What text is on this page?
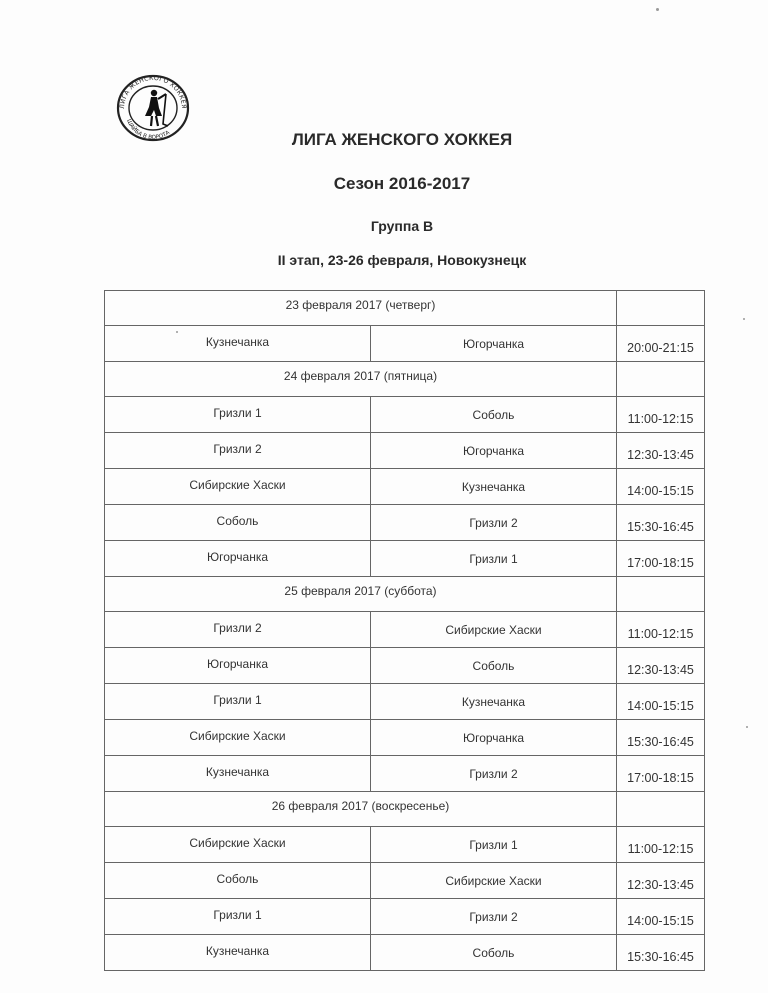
ЛИГА ЖЕНСКОГО ХОККЕЯ
ШАЙБА В ВОРОТА	ЛИГА ЖЕНСКОГО ХОККЕЯ
Сезон 2016-2017
Группа В
II этап, 23-26 февраля, Новокузнецк
23 февраля 2017 (четверг)		
Кузнечанка	Югорчанка	20:00-21:15
24 февраля 2017 (пятница)		
Гризли 1	Соболь	11:00-12:15
Гризли 2	Югорчанка	12:30-13:45
Сибирские Хаски	Кузнечанка	14:00-15:15
Соболь	Гризли 2	15:30-16:45
Югорчанка	Гризли 1	17:00-18:15
25 февраля 2017 (суббота)		
Гризли 2	Сибирские Хаски	11:00-12:15
Югорчанка	Соболь	12:30-13:45
Гризли 1	Кузнечанка	14:00-15:15
Сибирские Хаски	Югорчанка	15:30-16:45
Кузнечанка	Гризли 2	17:00-18:15
26 февраля 2017 (воскресенье)		
Сибирские Хаски	Гризли 1	11:00-12:15
Соболь	Сибирские Хаски	12:30-13:45
Гризли 1	Гризли 2	14:00-15:15
Кузнечанка	Соболь	15:30-16:45
